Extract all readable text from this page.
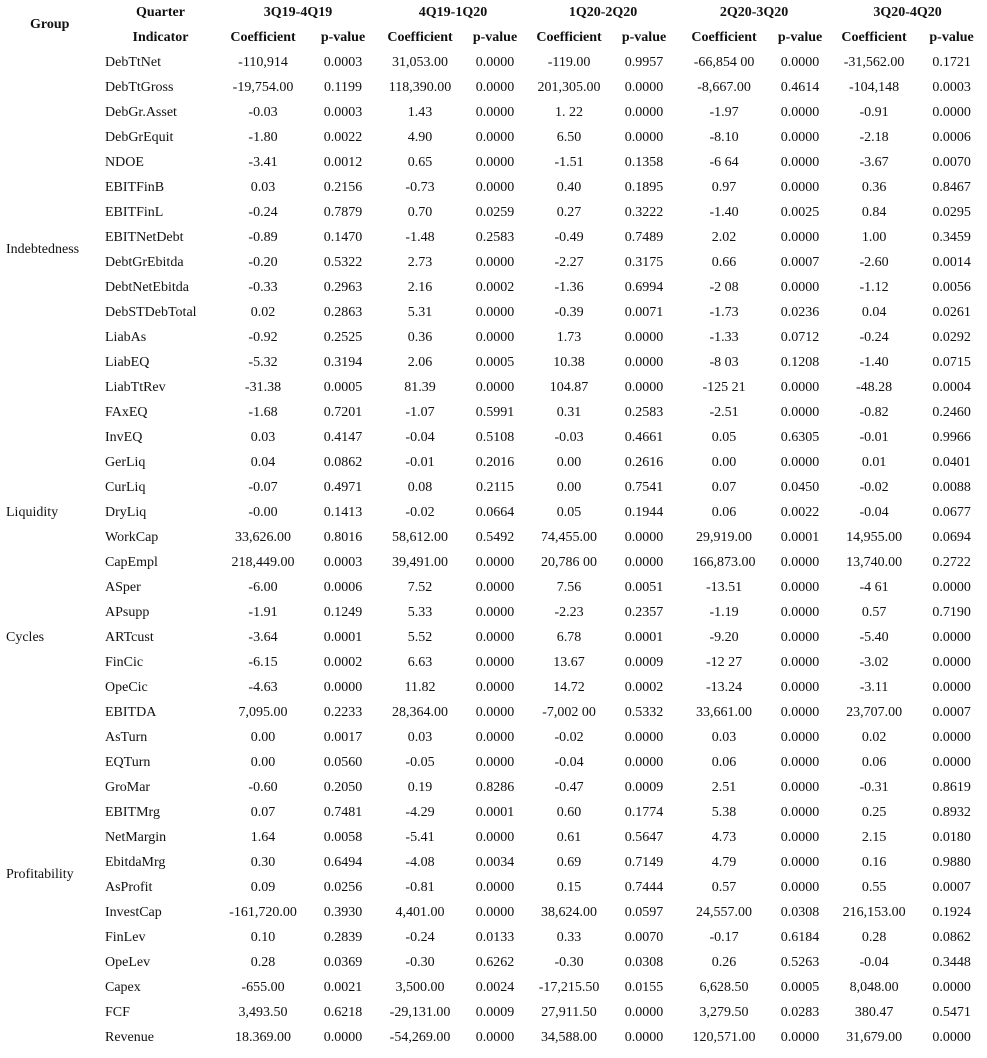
Group	Quarter	3Q19-4Q19		4Q19-1Q20		1Q20-2Q20		2Q20-3Q20		3Q20-4Q20	
	Indicator	Coefficient	p-value	Coefficient	p-value	Coefficient	p-value	Coefficient	p-value	Coefficient	p-value
Indebtedness	DebTtNet	-110,914	0.0003	31,053.00	0.0000	-119.00	0.9957	-66,854 00	0.0000	-31,562.00	0.1721
	DebTtGross	-19,754.00	0.1199	118,390.00	0.0000	201,305.00	0.0000	-8,667.00	0.4614	-104,148	0.0003
	DebGr.Asset	-0.03	0.0003	1.43	0.0000	1. 22	0.0000	-1.97	0.0000	-0.91	0.0000
	DebGrEquit	-1.80	0.0022	4.90	0.0000	6.50	0.0000	-8.10	0.0000	-2.18	0.0006
	NDOE	-3.41	0.0012	0.65	0.0000	-1.51	0.1358	-6 64	0.0000	-3.67	0.0070
	EBITFinB	0.03	0.2156	-0.73	0.0000	0.40	0.1895	0.97	0.0000	0.36	0.8467
	EBITFinL	-0.24	0.7879	0.70	0.0259	0.27	0.3222	-1.40	0.0025	0.84	0.0295
	EBITNetDebt	-0.89	0.1470	-1.48	0.2583	-0.49	0.7489	2.02	0.0000	1.00	0.3459
	DebtGrEbitda	-0.20	0.5322	2.73	0.0000	-2.27	0.3175	0.66	0.0007	-2.60	0.0014
	DebtNetEbitda	-0.33	0.2963	2.16	0.0002	-1.36	0.6994	-2 08	0.0000	-1.12	0.0056
	DebSTDebTotal	0.02	0.2863	5.31	0.0000	-0.39	0.0071	-1.73	0.0236	0.04	0.0261
	LiabAs	-0.92	0.2525	0.36	0.0000	1.73	0.0000	-1.33	0.0712	-0.24	0.0292
	LiabEQ	-5.32	0.3194	2.06	0.0005	10.38	0.0000	-8 03	0.1208	-1.40	0.0715
	LiabTtRev	-31.38	0.0005	81.39	0.0000	104.87	0.0000	-125 21	0.0000	-48.28	0.0004
	FAxEQ	-1.68	0.7201	-1.07	0.5991	0.31	0.2583	-2.51	0.0000	-0.82	0.2460
	InvEQ	0.03	0.4147	-0.04	0.5108	-0.03	0.4661	0.05	0.6305	-0.01	0.9966
Liquidity	GerLiq	0.04	0.0862	-0.01	0.2016	0.00	0.2616	0.00	0.0000	0.01	0.0401
	CurLiq	-0.07	0.4971	0.08	0.2115	0.00	0.7541	0.07	0.0450	-0.02	0.0088
	DryLiq	-0.00	0.1413	-0.02	0.0664	0.05	0.1944	0.06	0.0022	-0.04	0.0677
	WorkCap	33,626.00	0.8016	58,612.00	0.5492	74,455.00	0.0000	29,919.00	0.0001	14,955.00	0.0694
	CapEmpl	218,449.00	0.0003	39,491.00	0.0000	20,786 00	0.0000	166,873.00	0.0000	13,740.00	0.2722
Cycles	ASper	-6.00	0.0006	7.52	0.0000	7.56	0.0051	-13.51	0.0000	-4 61	0.0000
	APsupp	-1.91	0.1249	5.33	0.0000	-2.23	0.2357	-1.19	0.0000	0.57	0.7190
	ARTcust	-3.64	0.0001	5.52	0.0000	6.78	0.0001	-9.20	0.0000	-5.40	0.0000
	FinCic	-6.15	0.0002	6.63	0.0000	13.67	0.0009	-12 27	0.0000	-3.02	0.0000
	OpeCic	-4.63	0.0000	11.82	0.0000	14.72	0.0002	-13.24	0.0000	-3.11	0.0000
Profitability	EBITDA	7,095.00	0.2233	28,364.00	0.0000	-7,002 00	0.5332	33,661.00	0.0000	23,707.00	0.0007
	AsTurn	0.00	0.0017	0.03	0.0000	-0.02	0.0000	0.03	0.0000	0.02	0.0000
	EQTurn	0.00	0.0560	-0.05	0.0000	-0.04	0.0000	0.06	0.0000	0.06	0.0000
	GroMar	-0.60	0.2050	0.19	0.8286	-0.47	0.0009	2.51	0.0000	-0.31	0.8619
	EBITMrg	0.07	0.7481	-4.29	0.0001	0.60	0.1774	5.38	0.0000	0.25	0.8932
	NetMargin	1.64	0.0058	-5.41	0.0000	0.61	0.5647	4.73	0.0000	2.15	0.0180
	EbitdaMrg	0.30	0.6494	-4.08	0.0034	0.69	0.7149	4.79	0.0000	0.16	0.9880
	AsProfit	0.09	0.0256	-0.81	0.0000	0.15	0.7444	0.57	0.0000	0.55	0.0007
	InvestCap	-161,720.00	0.3930	4,401.00	0.0000	38,624.00	0.0597	24,557.00	0.0308	216,153.00	0.1924
	FinLev	0.10	0.2839	-0.24	0.0133	0.33	0.0070	-0.17	0.6184	0.28	0.0862
	OpeLev	0.28	0.0369	-0.30	0.6262	-0.30	0.0308	0.26	0.5263	-0.04	0.3448
	Capex	-655.00	0.0021	3,500.00	0.0024	-17,215.50	0.0155	6,628.50	0.0005	8,048.00	0.0000
	FCF	3,493.50	0.6218	-29,131.00	0.0009	27,911.50	0.0000	3,279.50	0.0283	380.47	0.5471
	Revenue	18.369.00	0.0000	-54,269.00	0.0000	34,588.00	0.0000	120,571.00	0.0000	31,679.00	0.0000
